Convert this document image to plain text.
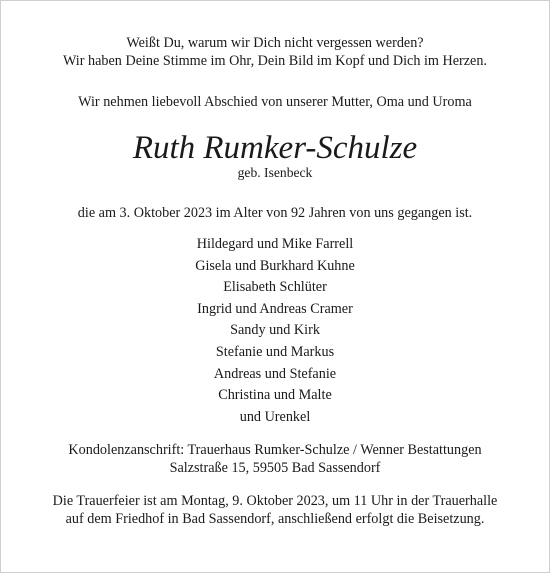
Weißt Du, warum wir Dich nicht vergessen werden?
Wir haben Deine Stimme im Ohr, Dein Bild im Kopf und Dich im Herzen.
Wir nehmen liebevoll Abschied von unserer Mutter, Oma und Uroma
Ruth Rumker-Schulze
geb. Isenbeck
die am 3. Oktober 2023 im Alter von 92 Jahren von uns gegangen ist.
Hildegard und Mike Farrell
Gisela und Burkhard Kuhne
Elisabeth Schlüter
Ingrid und Andreas Cramer
Sandy und Kirk
Stefanie und Markus
Andreas und Stefanie
Christina und Malte
und Urenkel
Kondolenzanschrift: Trauerhaus Rumker-Schulze / Wenner Bestattungen
Salzstraße 15, 59505 Bad Sassendorf
Die Trauerfeier ist am Montag, 9. Oktober 2023, um 11 Uhr in der Trauerhalle
auf dem Friedhof in Bad Sassendorf, anschließend erfolgt die Beisetzung.
